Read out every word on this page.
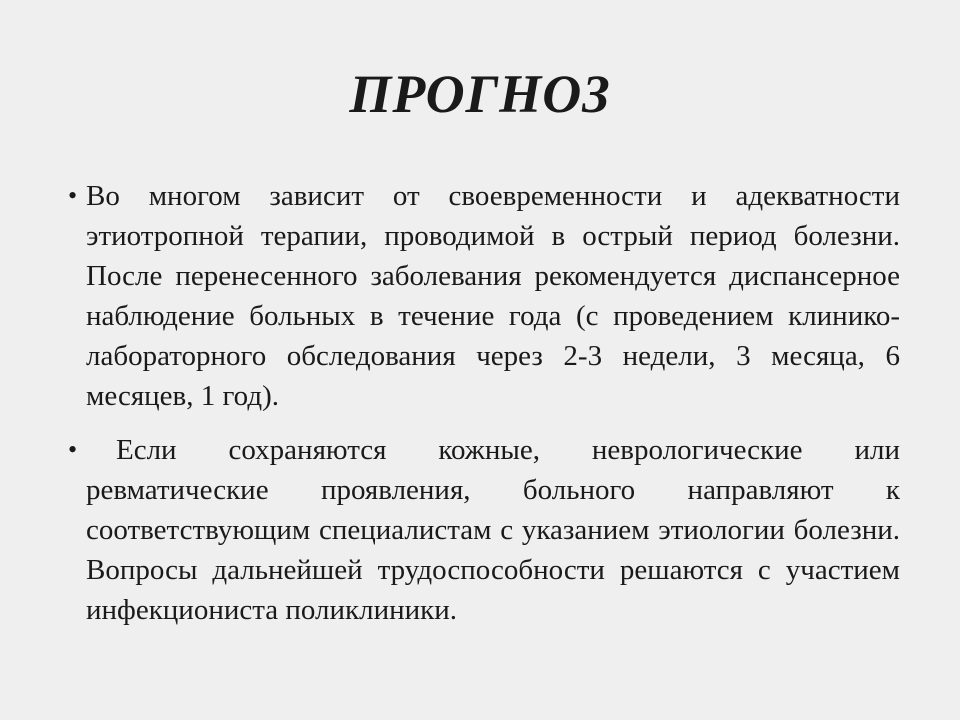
ПРОГНОЗ
• Во многом зависит от своевременности и адекватности этиотропной терапии, проводимой в острый период болезни. После перенесенного заболевания рекомендуется диспансерное наблюдение больных в течение года (с проведением клинико-лабораторного обследования через 2-3 недели, 3 месяца, 6 месяцев, 1 год).
•	Если сохраняются кожные, неврологические или ревматические проявления, больного направляют к соответствующим специалистам с указанием этиологии болезни. Вопросы дальнейшей трудоспособности решаются с участием инфекциониста поликлиники.
